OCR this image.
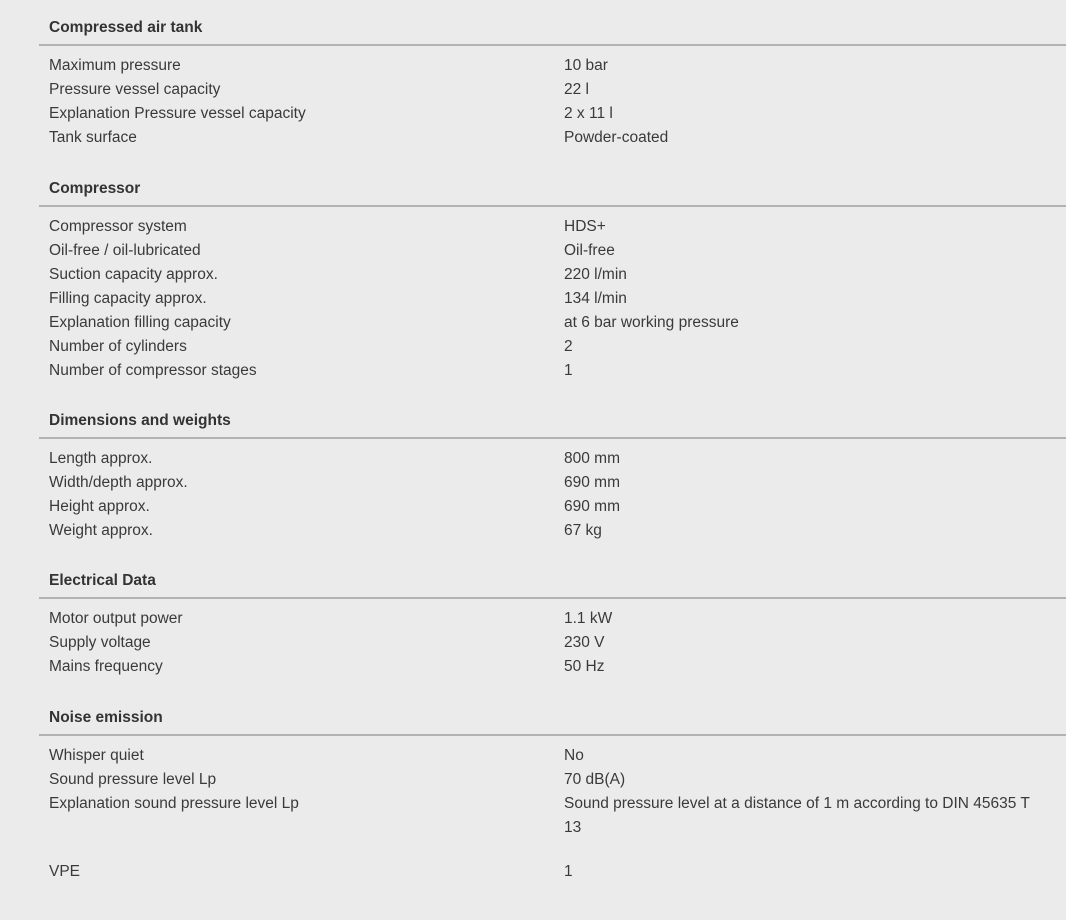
Compressed air tank
Maximum pressure	10 bar
Pressure vessel capacity	22 l
Explanation Pressure vessel capacity	2 x 11 l
Tank surface	Powder-coated
Compressor
Compressor system	HDS+
Oil-free / oil-lubricated	Oil-free
Suction capacity approx.	220 l/min
Filling capacity approx.	134 l/min
Explanation filling capacity	at 6 bar working pressure
Number of cylinders	2
Number of compressor stages	1
Dimensions and weights
Length approx.	800 mm
Width/depth approx.	690 mm
Height approx.	690 mm
Weight approx.	67 kg
Electrical Data
Motor output power	1.1 kW
Supply voltage	230 V
Mains frequency	50 Hz
Noise emission
Whisper quiet	No
Sound pressure level Lp	70 dB(A)
Explanation sound pressure level Lp	Sound pressure level at a distance of 1 m according to DIN 45635 T 13
VPE	1
